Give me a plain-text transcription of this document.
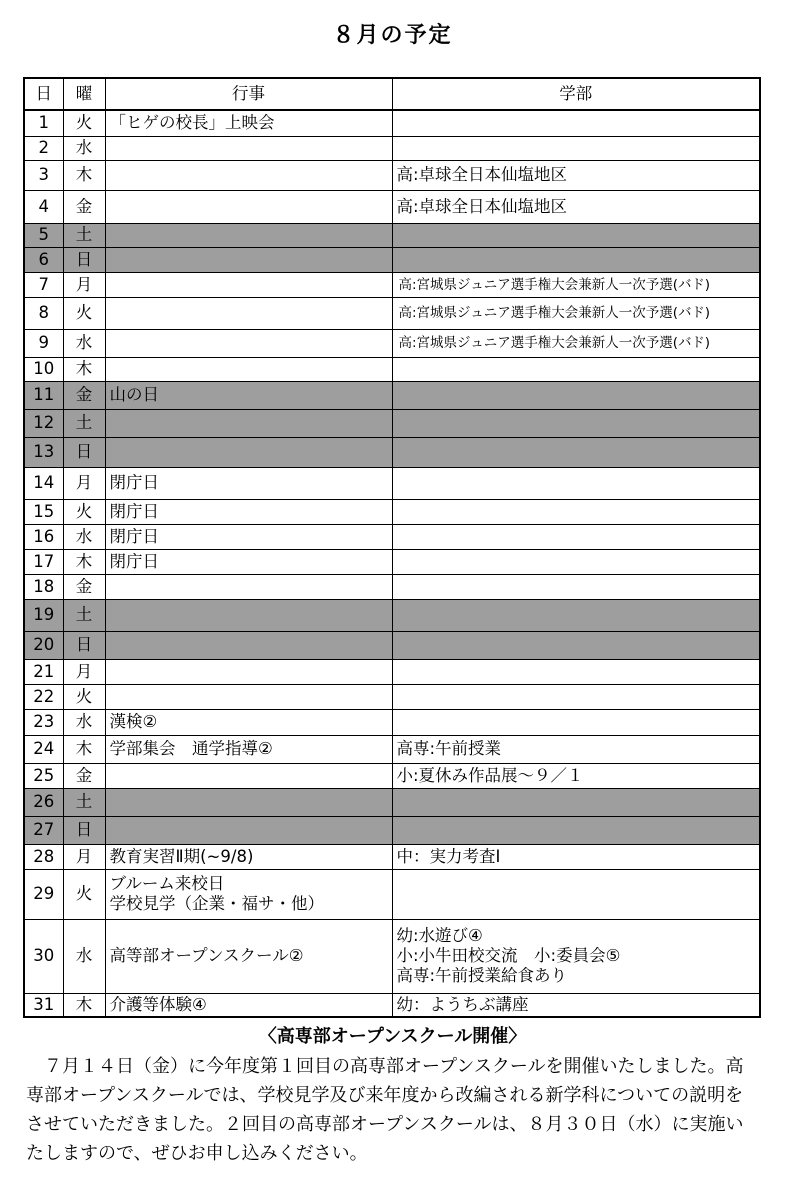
８月の予定
日	曜	行事	学部
1	火	「ヒゲの校長」上映会	

2	水		
3	木		高:卓球全日本仙塩地区

4	金		高:卓球全日本仙塩地区

5	土		
6	日		
7	月		高:宮城県ジュニア選手権大会兼新人一次予選(バド)

8	火		高:宮城県ジュニア選手権大会兼新人一次予選(バド)

9	水		高:宮城県ジュニア選手権大会兼新人一次予選(バド)

10	木		
11	金	山の日	

12	土		
13	日		
14	月	閉庁日	

15	火	閉庁日	

16	水	閉庁日	

17	木	閉庁日	

18	金		
19	土		
20	日		
21	月		
22	火		
23	水	漢検②	

24	木	学部集会　通学指導②	高専:午前授業

25	金		小:夏休み作品展～９／１

26	土		
27	日		
28	月	教育実習Ⅱ期(~9/8)	中：実力考査Ⅰ

29	火	ブルーム来校日
学校見学（企業・福サ・他）	

30	水	高等部オープンスクール②	幼:水遊び④
小:小牛田校交流　小:委員会⑤
高専:午前授業給食あり

31	木	介護等体験④	幼：ようちぶ講座
〈高専部オープンスクール開催〉

７月１４日（金）に今年度第１回目の高専部オープンスクールを開催いたしました。高専部オープンスクールでは、学校見学及び来年度から改編される新学科についての説明をさせていただきました。２回目の高専部オープンスクールは、８月３０日（水）に実施いたしますので、ぜひお申し込みください。
